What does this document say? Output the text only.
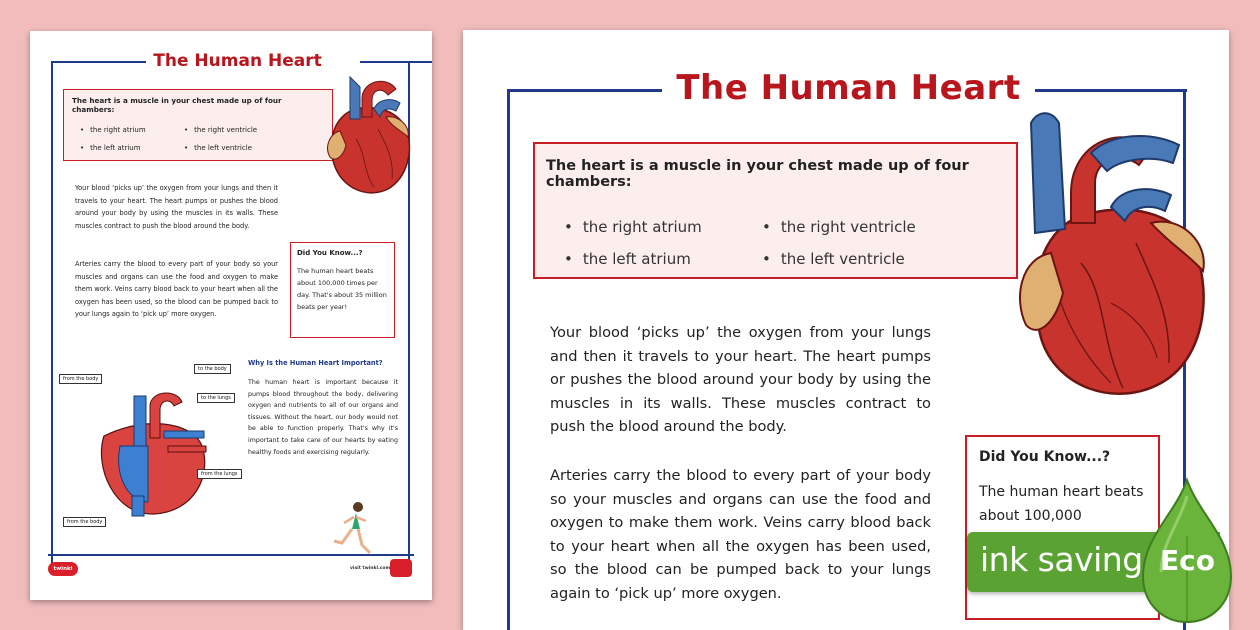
The Human Heart
The heart is a muscle in your chest made up of four chambers:
• the right atrium	• the right ventricle
• the left atrium	• the left ventricle
Your blood ‘picks up’ the oxygen from your lungs and then it travels to your heart. The heart pumps or pushes the blood around your body by using the muscles in its walls. These muscles contract to push the blood around the body.
Arteries carry the blood to every part of your body so your muscles and organs can use the food and oxygen to make them work. Veins carry blood back to your heart when all the oxygen has been used, so the blood can be pumped back to your lungs again to ‘pick up’ more oxygen.
Did You Know...?
The human heart beats about 100,000 times per day. That's about 35 million beats per year!
from the body
to the body
to the lungs
from the lungs
from the body
Why Is the Human Heart Important?
The human heart is important because it pumps blood throughout the body, delivering oxygen and nutrients to all of our organs and tissues. Without the heart, our body would not be able to function properly. That's why it's important to take care of our hearts by eating healthy foods and exercising regularly.
twinkl	visit twinkl.com
The Human Heart
The heart is a muscle in your chest made up of four chambers:
• the right atrium	• the right ventricle
• the left atrium	• the left ventricle
Your blood ‘picks up’ the oxygen from your lungs and then it travels to your heart. The heart pumps or pushes the blood around your body by using the muscles in its walls. These muscles contract to push the blood around the body.
Arteries carry the blood to every part of your body so your muscles and organs can use the food and oxygen to make them work. Veins carry blood back to your heart when all the oxygen has been used, so the blood can be pumped back to your lungs again to ‘pick up’ more oxygen.
Did You Know...?
The human heart beats about 100,000
ink saving Eco
